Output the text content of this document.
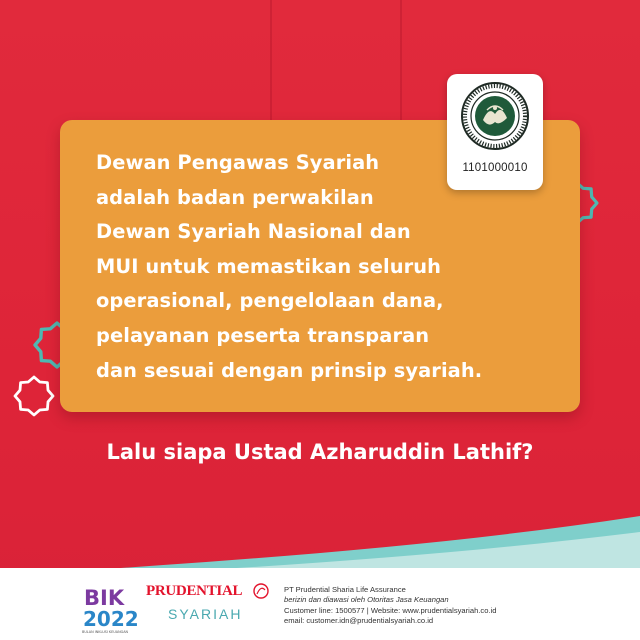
Dewan Pengawas Syariah
adalah badan perwakilan
Dewan Syariah Nasional dan
MUI untuk memastikan seluruh
operasional, pengelolaan dana,
pelayanan peserta transparan
dan sesuai dengan prinsip syariah.
1101000010
Lalu siapa Ustad Azharuddin Lathif?
BIK
2022
BULAN INKLUSI KEUANGAN
PRUDENTIAL
SYARIAH
PT Prudential Sharia Life Assurance
berizin dan diawasi oleh Otoritas Jasa Keuangan
Customer line: 1500577 | Website: www.prudentialsyariah.co.id
email: customer.idn@prudentialsyariah.co.id
